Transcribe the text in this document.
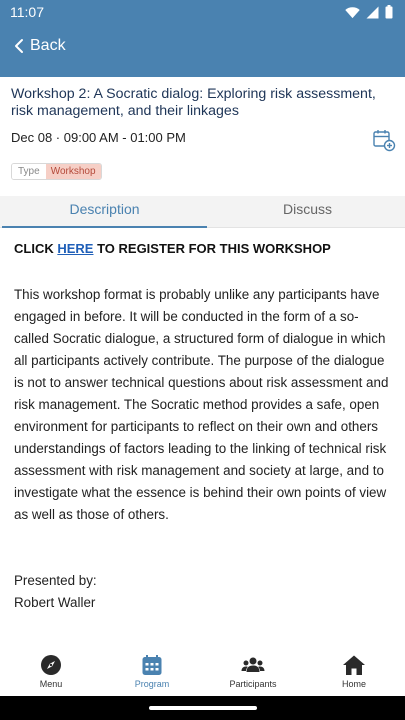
11:07
Back
Workshop 2: A Socratic dialog: Exploring risk assessment, risk management, and their linkages
Dec 08 · 09:00 AM - 01:00 PM
Type	Workshop
Description	Discuss
CLICK HERE TO REGISTER FOR THIS WORKSHOP
This workshop format is probably unlike any participants have engaged in before. It will be conducted in the form of a so-called Socratic dialogue, a structured form of dialogue in which all participants actively contribute. The purpose of the dialogue is not to answer technical questions about risk assessment and risk management. The Socratic method provides a safe, open environment for participants to reflect on their own and others understandings of factors leading to the linking of technical risk assessment with risk management and society at large, and to investigate what the essence is behind their own points of view as well as those of others.
Presented by:
Robert Waller
Menu	Program	Participants	Home
